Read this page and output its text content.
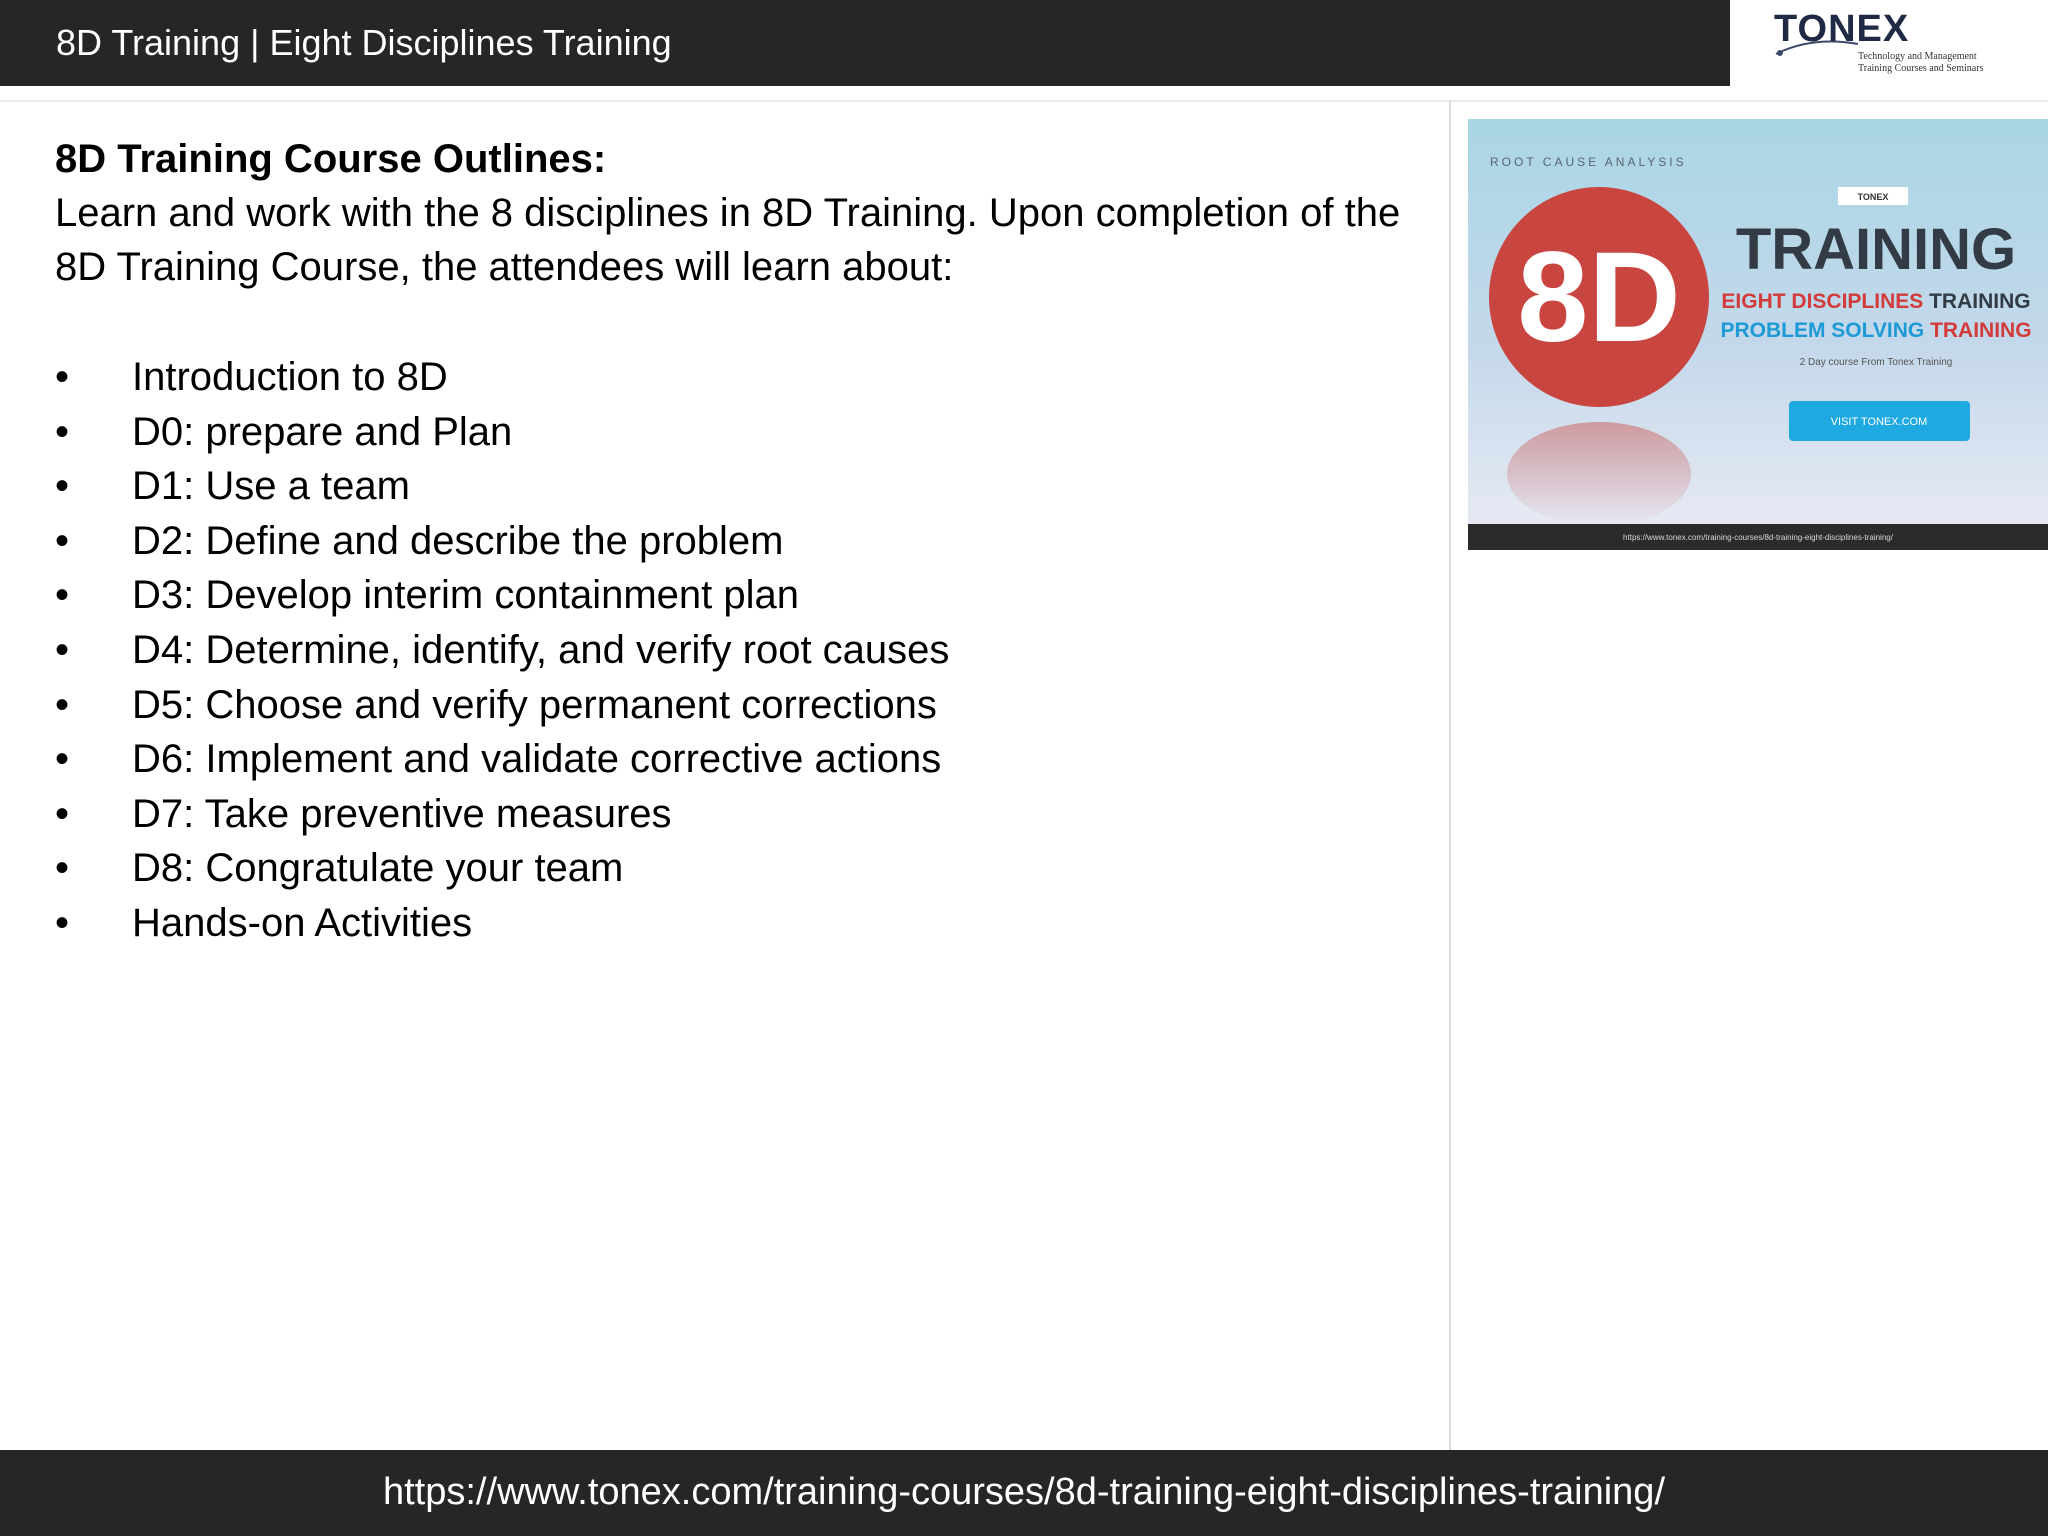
8D Training | Eight Disciplines Training	TONEX
Technology and Management
Training Courses and Seminars
8D Training Course Outlines:
Learn and work with the 8 disciplines in 8D Training. Upon completion of the 8D Training Course, the attendees will learn about:
• Introduction to 8D
• D0: prepare and Plan
• D1: Use a team
• D2: Define and describe the problem
• D3: Develop interim containment plan
• D4: Determine, identify, and verify root causes
• D5: Choose and verify permanent corrections
• D6: Implement and validate corrective actions
• D7: Take preventive measures
• D8: Congratulate your team
• Hands-on Activities
ROOT CAUSE ANALYSIS
8D
TONEX
TRAINING
EIGHT DISCIPLINES TRAINING
PROBLEM SOLVING TRAINING
2 Day course From Tonex Training
VISIT TONEX.COM
https://www.tonex.com/training-courses/8d-training-eight-disciplines-training/
https://www.tonex.com/training-courses/8d-training-eight-disciplines-training/
